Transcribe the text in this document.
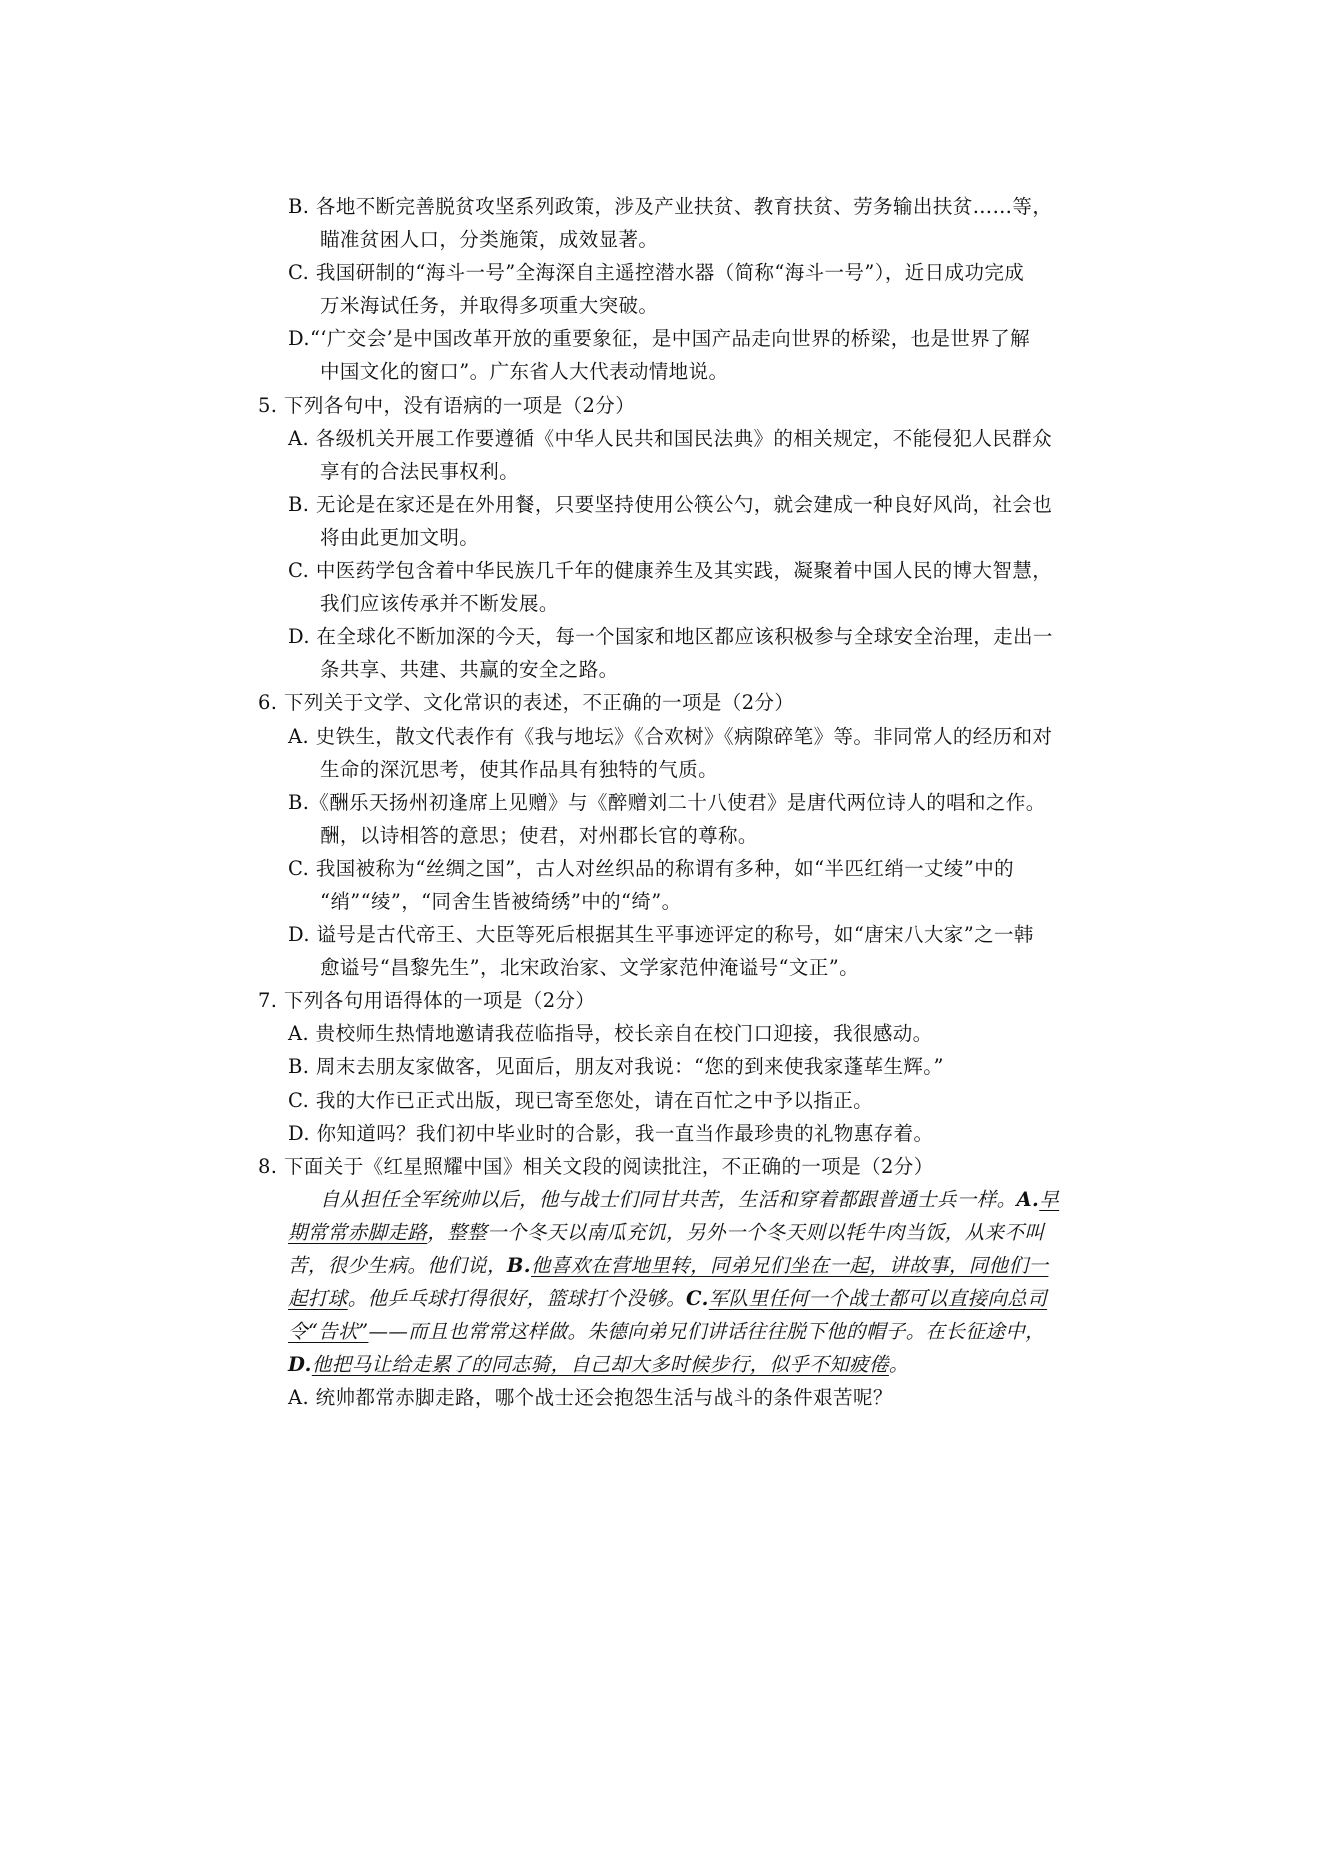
B. 各地不断完善脱贫攻坚系列政策，涉及产业扶贫、教育扶贫、劳务输出扶贫……等，
瞄准贫困人口，分类施策，成效显著。
C. 我国研制的“海斗一号”全海深自主遥控潜水器（简称“海斗一号”），近日成功完成
万米海试任务，并取得多项重大突破。
D.“‘广交会’是中国改革开放的重要象征，是中国产品走向世界的桥梁，也是世界了解
中国文化的窗口”。广东省人大代表动情地说。
5. 下列各句中，没有语病的一项是（2分）
A. 各级机关开展工作要遵循《中华人民共和国民法典》的相关规定，不能侵犯人民群众
享有的合法民事权利。
B. 无论是在家还是在外用餐，只要坚持使用公筷公勺，就会建成一种良好风尚，社会也
将由此更加文明。
C. 中医药学包含着中华民族几千年的健康养生及其实践，凝聚着中国人民的博大智慧，
我们应该传承并不断发展。
D. 在全球化不断加深的今天，每一个国家和地区都应该积极参与全球安全治理，走出一
条共享、共建、共赢的安全之路。
6. 下列关于文学、文化常识的表述，不正确的一项是（2分）
A. 史铁生，散文代表作有《我与地坛》《合欢树》《病隙碎笔》等。非同常人的经历和对
生命的深沉思考，使其作品具有独特的气质。
B.《酬乐天扬州初逢席上见赠》与《醉赠刘二十八使君》是唐代两位诗人的唱和之作。
酬，以诗相答的意思；使君，对州郡长官的尊称。
C. 我国被称为“丝绸之国”，古人对丝织品的称谓有多种，如“半匹红绡一丈绫”中的
“绡”“绫”，“同舍生皆被绮绣”中的“绮”。
D. 谥号是古代帝王、大臣等死后根据其生平事迹评定的称号，如“唐宋八大家”之一韩
愈谥号“昌黎先生”，北宋政治家、文学家范仲淹谥号“文正”。
7. 下列各句用语得体的一项是（2分）
A. 贵校师生热情地邀请我莅临指导，校长亲自在校门口迎接，我很感动。
B. 周末去朋友家做客，见面后，朋友对我说：“您的到来使我家蓬荜生辉。”
C. 我的大作已正式出版，现已寄至您处，请在百忙之中予以指正。
D. 你知道吗？我们初中毕业时的合影，我一直当作最珍贵的礼物惠存着。
8. 下面关于《红星照耀中国》相关文段的阅读批注，不正确的一项是（2分）
自从担任全军统帅以后，他与战士们同甘共苦，生活和穿着都跟普通士兵一样。A.早
期常常赤脚走路，整整一个冬天以南瓜充饥，另外一个冬天则以牦牛肉当饭，从来不叫
苦，很少生病。他们说，B.他喜欢在营地里转，同弟兄们坐在一起，讲故事，同他们一
起打球。他乒乓球打得很好，篮球打个没够。C.军队里任何一个战士都可以直接向总司
令“告状”——而且也常常这样做。朱德向弟兄们讲话往往脱下他的帽子。在长征途中，
D.他把马让给走累了的同志骑，自己却大多时候步行，似乎不知疲倦。
A. 统帅都常赤脚走路，哪个战士还会抱怨生活与战斗的条件艰苦呢？
